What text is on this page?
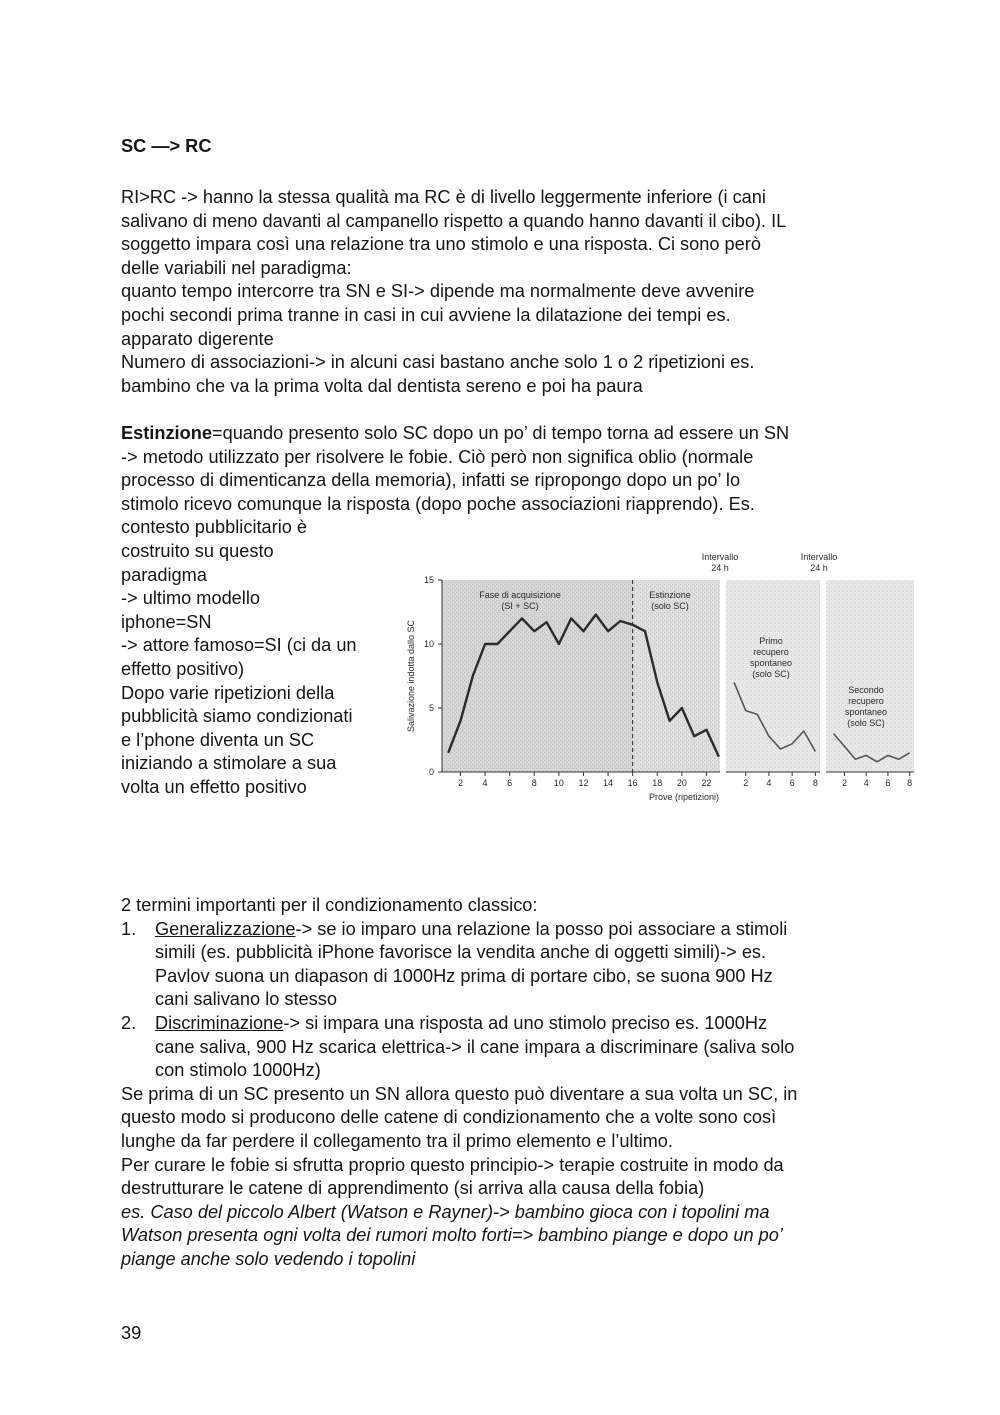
SC —> RC

RI>RC -> hanno la stessa qualità ma RC è di livello leggermente inferiore (i cani

salivano di meno davanti al campanello rispetto a quando hanno davanti il cibo). IL

soggetto impara così una relazione tra uno stimolo e una risposta. Ci sono però

delle variabili nel paradigma:

quanto tempo intercorre tra SN e SI-> dipende ma normalmente deve avvenire

pochi secondi prima tranne in casi in cui avviene la dilatazione dei tempi es.

apparato digerente

Numero di associazioni-> in alcuni casi bastano anche solo 1 o 2 ripetizioni es.

bambino che va la prima volta dal dentista sereno e poi ha paura

Estinzione=quando presento solo SC dopo un po’ di tempo torna ad essere un SN

-> metodo utilizzato per risolvere le fobie. Ciò però non significa oblio (normale

processo di dimenticanza della memoria), infatti se ripropongo dopo un po’ lo

stimolo ricevo comunque la risposta (dopo poche associazioni riapprendo). Es.

contesto pubblicitario è

costruito su questo

paradigma

-> ultimo modello

iphone=SN

-> attore famoso=SI (ci da un

effetto positivo)

Dopo varie ripetizioni della

pubblicità siamo condizionati

e l’phone diventa un SC

iniziando a stimolare a sua

volta un effetto positivo

0
5
10
15
Salivazione indotta dallo SC
2 4 6 8 10 12 14 16 18 20 22	2 4 6 8	2 4 6 8
Prove (ripetizioni)
Fase di acquisizione
(SI + SC)
Estinzione
(solo SC)
Intervallo
24 h
Intervallo
24 h
Primo
recupero
spontaneo
(solo SC)
Secondo
recupero
spontaneo
(solo SC)

2 termini importanti per il condizionamento classico:

1. Generalizzazione-> se io imparo una relazione la posso poi associare a stimoli

simili (es. pubblicità iPhone favorisce la vendita anche di oggetti simili)-> es.

Pavlov suona un diapason di 1000Hz prima di portare cibo, se suona 900 Hz

cani salivano lo stesso

2. Discriminazione-> si impara una risposta ad uno stimolo preciso es. 1000Hz

cane saliva, 900 Hz scarica elettrica-> il cane impara a discriminare (saliva solo

con stimolo 1000Hz)

Se prima di un SC presento un SN allora questo può diventare a sua volta un SC, in

questo modo si producono delle catene di condizionamento che a volte sono così

lunghe da far perdere il collegamento tra il primo elemento e l’ultimo.

Per curare le fobie si sfrutta proprio questo principio-> terapie costruite in modo da

destrutturare le catene di apprendimento (si arriva alla causa della fobia)

es. Caso del piccolo Albert (Watson e Rayner)-> bambino gioca con i topolini ma

Watson presenta ogni volta dei rumori molto forti=> bambino piange e dopo un po’

piange anche solo vedendo i topolini

39
